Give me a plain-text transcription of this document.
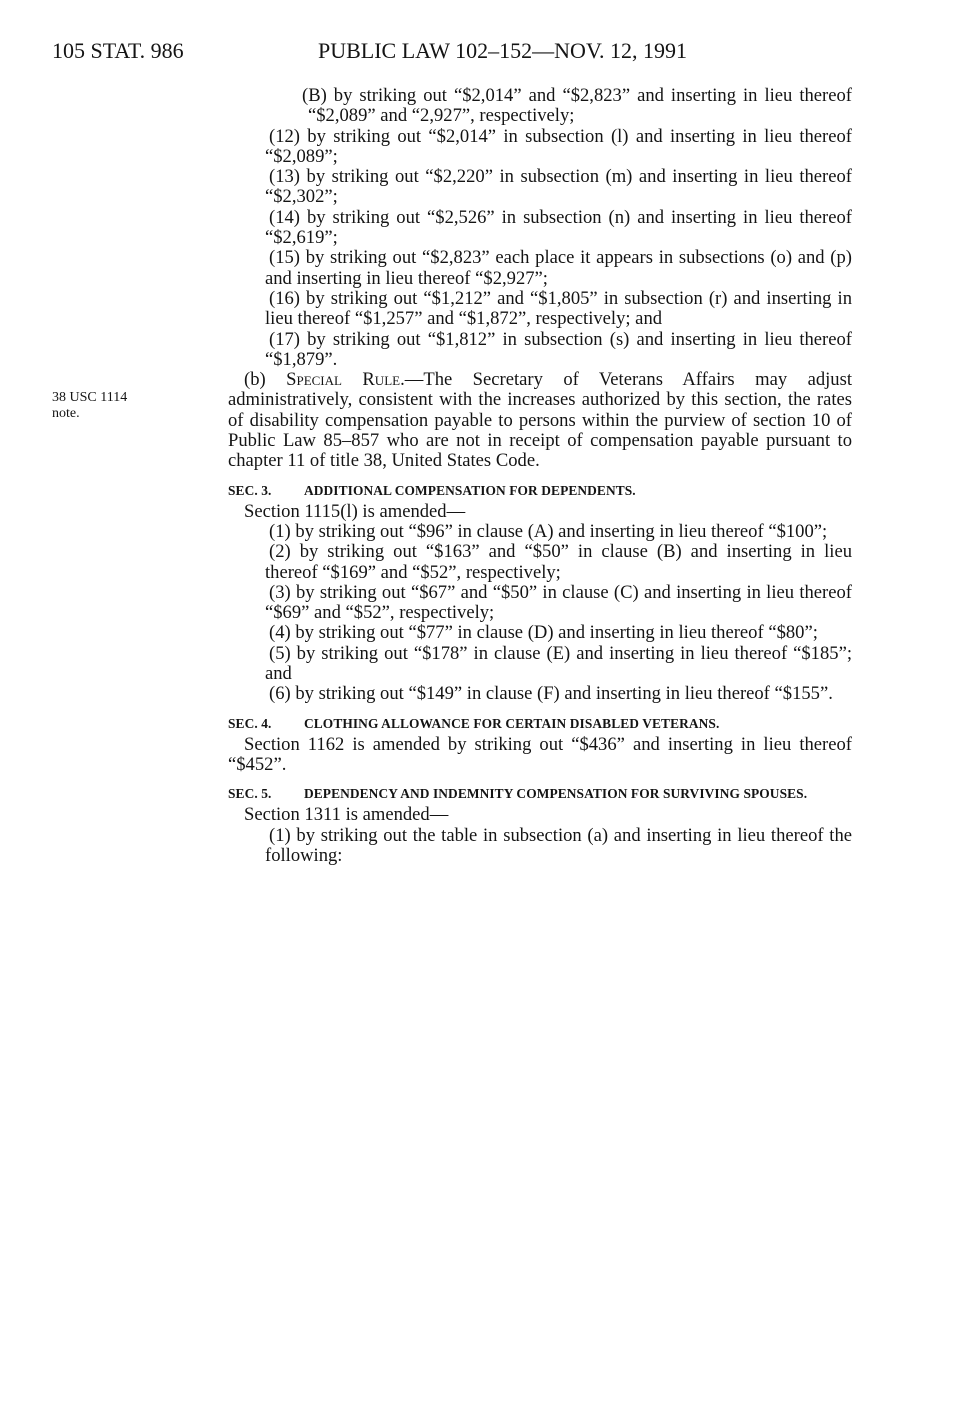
105 STAT. 986	PUBLIC LAW 102–152—NOV. 12, 1991
38 USC 1114
note.

(B) by striking out “$2,014” and “$2,823” and inserting in lieu thereof “$2,089” and “2,927”, respectively;

(12) by striking out “$2,014” in subsection (l) and inserting in lieu thereof “$2,089”;

(13) by striking out “$2,220” in subsection (m) and inserting in lieu thereof “$2,302”;

(14) by striking out “$2,526” in subsection (n) and inserting in lieu thereof “$2,619”;

(15) by striking out “$2,823” each place it appears in subsections (o) and (p) and inserting in lieu thereof “$2,927”;

(16) by striking out “$1,212” and “$1,805” in subsection (r) and inserting in lieu thereof “$1,257” and “$1,872”, respectively; and

(17) by striking out “$1,812” in subsection (s) and inserting in lieu thereof “$1,879”.

(b) Special Rule.—The Secretary of Veterans Affairs may adjust administratively, consistent with the increases authorized by this section, the rates of disability compensation payable to persons within the purview of section 10 of Public Law 85–857 who are not in receipt of compensation payable pursuant to chapter 11 of title 38, United States Code.

SEC. 3. ADDITIONAL COMPENSATION FOR DEPENDENTS.

Section 1115(l) is amended—

(1) by striking out “$96” in clause (A) and inserting in lieu thereof “$100”;

(2) by striking out “$163” and “$50” in clause (B) and inserting in lieu thereof “$169” and “$52”, respectively;

(3) by striking out “$67” and “$50” in clause (C) and inserting in lieu thereof “$69” and “$52”, respectively;

(4) by striking out “$77” in clause (D) and inserting in lieu thereof “$80”;

(5) by striking out “$178” in clause (E) and inserting in lieu thereof “$185”; and

(6) by striking out “$149” in clause (F) and inserting in lieu thereof “$155”.

SEC. 4. CLOTHING ALLOWANCE FOR CERTAIN DISABLED VETERANS.

Section 1162 is amended by striking out “$436” and inserting in lieu thereof “$452”.

SEC. 5. DEPENDENCY AND INDEMNITY COMPENSATION FOR SURVIVING SPOUSES.

Section 1311 is amended—

(1) by striking out the table in subsection (a) and inserting in lieu thereof the following:
